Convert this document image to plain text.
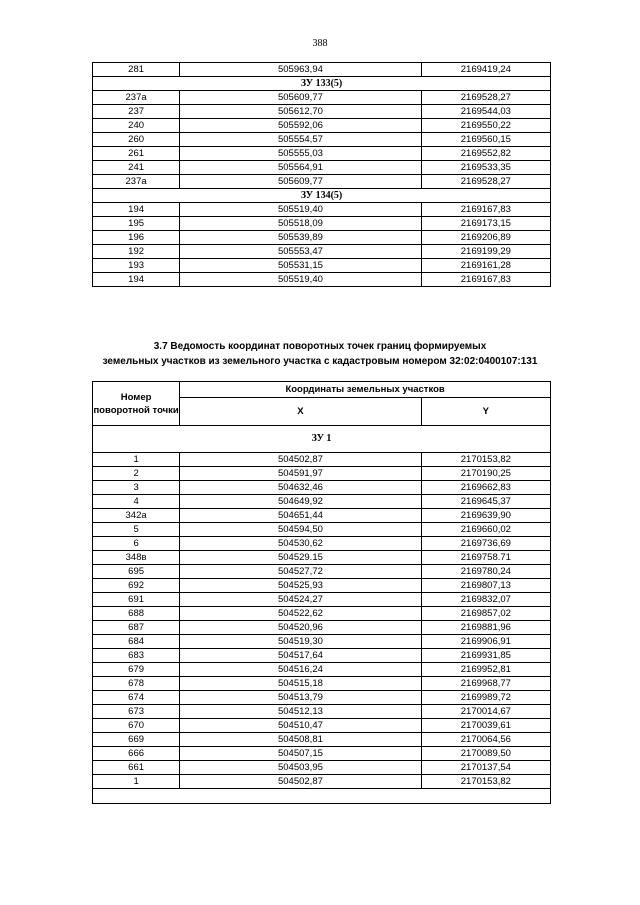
388
281	505963,94	2169419,24
ЗУ 133(5)		
237а	505609,77	2169528,27
237	505612,70	2169544,03
240	505592,06	2169550,22
260	505554,57	2169560,15
261	505555,03	2169552,82
241	505564,91	2169533,35
237а	505609,77	2169528,27
ЗУ 134(5)		
194	505519,40	2169167,83
195	505518,09	2169173,15
196	505539,89	2169206,89
192	505553,47	2169199,29
193	505531,15	2169161,28
194	505519,40	2169167,83
3.7 Ведомость координат поворотных точек границ формируемых
земельных участков из земельного участка с кадастровым номером 32:02:0400107:131
Номер поворотной точки	Координаты земельных участков	
	X	Y
ЗУ 1		
1	504502,87	2170153,82
2	504591,97	2170190,25
3	504632,46	2169662,83
4	504649,92	2169645,37
342а	504651,44	2169639,90
5	504594,50	2169660,02
6	504530,62	2169736,69
348в	504529.15	2169758.71
695	504527,72	2169780,24
692	504525,93	2169807,13
691	504524,27	2169832,07
688	504522,62	2169857,02
687	504520,96	2169881,96
684	504519,30	2169906,91
683	504517,64	2169931,85
679	504516,24	2169952,81
678	504515,18	2169968,77
674	504513,79	2169989,72
673	504512,13	2170014,67
670	504510,47	2170039,61
669	504508,81	2170064,56
666	504507,15	2170089,50
661	504503,95	2170137,54
1	504502,87	2170153,82
